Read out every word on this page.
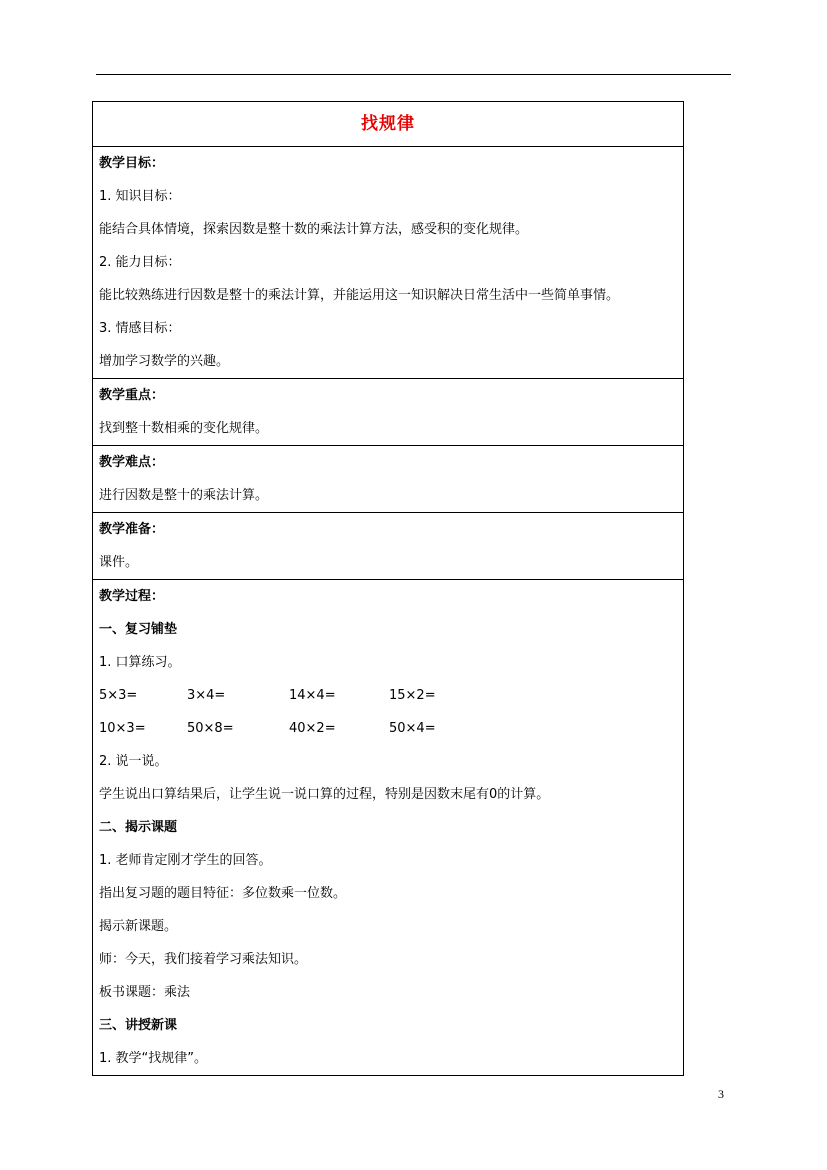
找规律

教学目标：
1. 知识目标：
能结合具体情境，探索因数是整十数的乘法计算方法，感受积的变化规律。
2. 能力目标：
能比较熟练进行因数是整十的乘法计算，并能运用这一知识解决日常生活中一些简单事情。
3. 情感目标：
增加学习数学的兴趣。

教学重点：
找到整十数相乘的变化规律。

教学难点：
进行因数是整十的乘法计算。

教学准备：
课件。

教学过程：
一、复习铺垫
1. 口算练习。
5×3=	3×4=	14×4=	15×2=
10×3=	50×8=	40×2=	50×4=
2. 说一说。
学生说出口算结果后，让学生说一说口算的过程，特别是因数末尾有0的计算。
二、揭示课题
1. 老师肯定刚才学生的回答。
指出复习题的题目特征：多位数乘一位数。
揭示新课题。
师：今天，我们接着学习乘法知识。
板书课题：乘法
三、讲授新课
1. 教学“找规律”。
3
